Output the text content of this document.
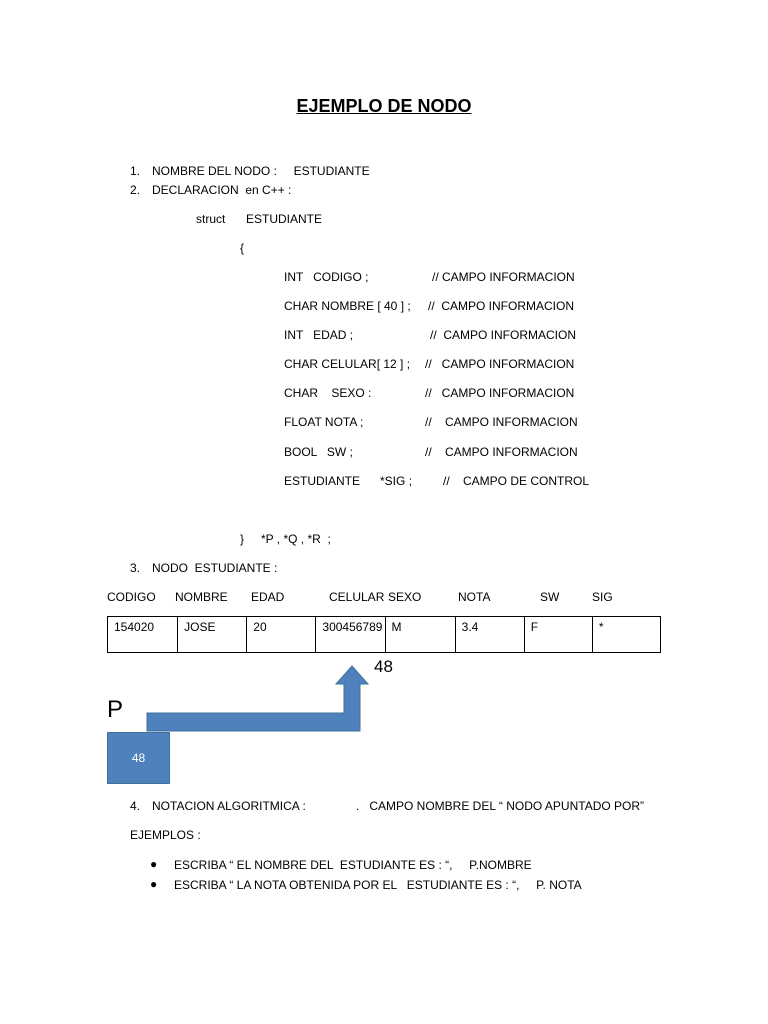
EJEMPLO DE NODO
1. NOMBRE DEL NODO :     ESTUDIANTE
2. DECLARACION  en C++ :
struct ESTUDIANTE
{
INT   CODIGO ;	// CAMPO INFORMACION
CHAR NOMBRE [ 40 ] ; //  CAMPO INFORMACION
INT   EDAD ;	//  CAMPO INFORMACION
CHAR CELULAR[ 12 ] ; //   CAMPO INFORMACION
CHAR    SEXO :	//   CAMPO INFORMACION
FLOAT NOTA ;	//    CAMPO INFORMACION
BOOL   SW ;	//    CAMPO INFORMACION
ESTUDIANTE      *SIG ;	//    CAMPO DE CONTROL
} *P , *Q , *R  ;
3. NODO  ESTUDIANTE :
CODIGO NOMBRE EDAD	CELULAR SEXO	NOTA	SW	SIG
154020	JOSE	20	300456789	M	3.4	F	*
48
P
48
4. NOTACION ALGORITMICA :	.   CAMPO NOMBRE DEL “ NODO APUNTADO POR”
EJEMPLOS :
● ESCRIBA “ EL NOMBRE DEL  ESTUDIANTE ES : “,     P.NOMBRE
● ESCRIBA “ LA NOTA OBTENIDA POR EL   ESTUDIANTE ES : “,     P. NOTA
